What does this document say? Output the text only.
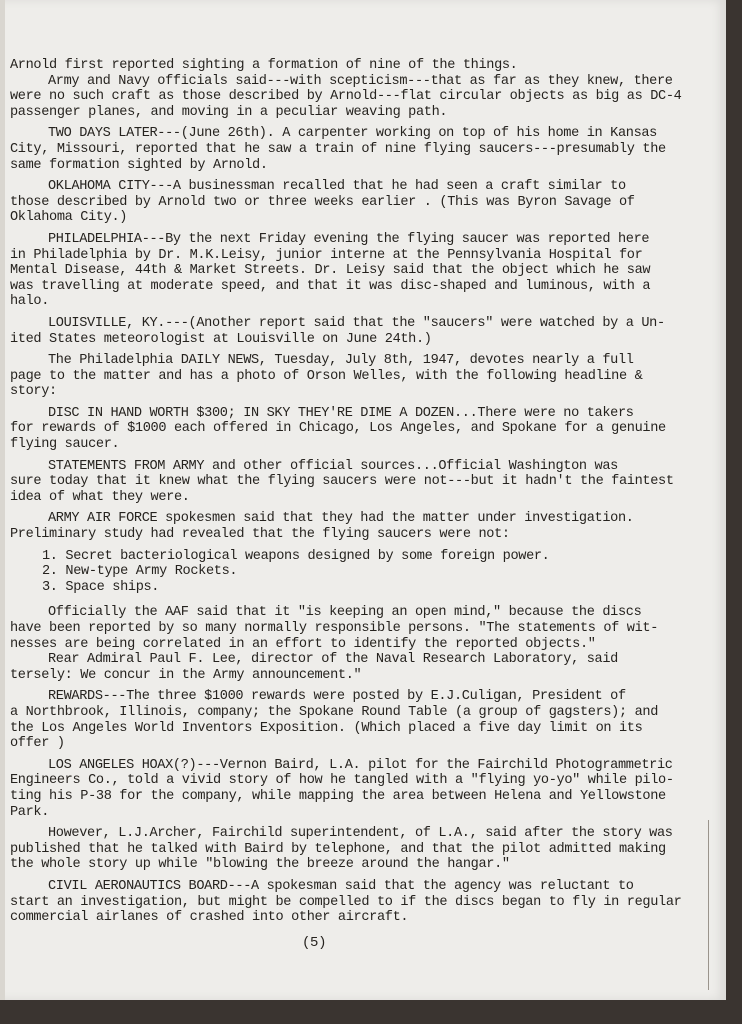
Arnold first reported sighting a formation of nine of the things.
Army and Navy officials said---with scepticism---that as far as they knew, there
were no such craft as those described by Arnold---flat circular objects as big as DC-4
passenger planes, and moving in a peculiar weaving path.
TWO DAYS LATER---(June 26th). A carpenter working on top of his home in Kansas
City, Missouri, reported that he saw a train of nine flying saucers---presumably the
same formation sighted by Arnold.
OKLAHOMA CITY---A businessman recalled that he had seen a craft similar to
those described by Arnold two or three weeks earlier . (This was Byron Savage of
Oklahoma City.)
PHILADELPHIA---By the next Friday evening the flying saucer was reported here
in Philadelphia by Dr. M.K.Leisy, junior interne at the Pennsylvania Hospital for
Mental Disease, 44th & Market Streets. Dr. Leisy said that the object which he saw
was travelling at moderate speed, and that it was disc-shaped and luminous, with a
halo.
LOUISVILLE, KY.---(Another report said that the "saucers" were watched by a Un-
ited States meteorologist at Louisville on June 24th.)
The Philadelphia DAILY NEWS, Tuesday, July 8th, 1947, devotes nearly a full
page to the matter and has a photo of Orson Welles, with the following headline &
story:
DISC IN HAND WORTH $300; IN SKY THEY'RE DIME A DOZEN...There were no takers
for rewards of $1000 each offered in Chicago, Los Angeles, and Spokane for a genuine
flying saucer.
STATEMENTS FROM ARMY and other official sources...Official Washington was
sure today that it knew what the flying saucers were not---but it hadn't the faintest
idea of what they were.
ARMY AIR FORCE spokesmen said that they had the matter under investigation.
Preliminary study had revealed that the flying saucers were not:
1. Secret bacteriological weapons designed by some foreign power.
2. New-type Army Rockets.
3. Space ships.
Officially the AAF said that it "is keeping an open mind," because the discs
have been reported by so many normally responsible persons. "The statements of wit-
nesses are being correlated in an effort to identify the reported objects."
Rear Admiral Paul F. Lee, director of the Naval Research Laboratory, said
tersely: We concur in the Army announcement."
REWARDS---The three $1000 rewards were posted by E.J.Culigan, President of
a Northbrook, Illinois, company; the Spokane Round Table (a group of gagsters); and
the Los Angeles World Inventors Exposition. (Which placed a five day limit on its
offer )
LOS ANGELES HOAX(?)---Vernon Baird, L.A. pilot for the Fairchild Photogrammetric
Engineers Co., told a vivid story of how he tangled with a "flying yo-yo" while pilo-
ting his P-38 for the company, while mapping the area between Helena and Yellowstone
Park.
However, L.J.Archer, Fairchild superintendent, of L.A., said after the story was
published that he talked with Baird by telephone, and that the pilot admitted making
the whole story up while "blowing the breeze around the hangar."
CIVIL AERONAUTICS BOARD---A spokesman said that the agency was reluctant to
start an investigation, but might be compelled to if the discs began to fly in regular
commercial airlanes of crashed into other aircraft.
(5)
